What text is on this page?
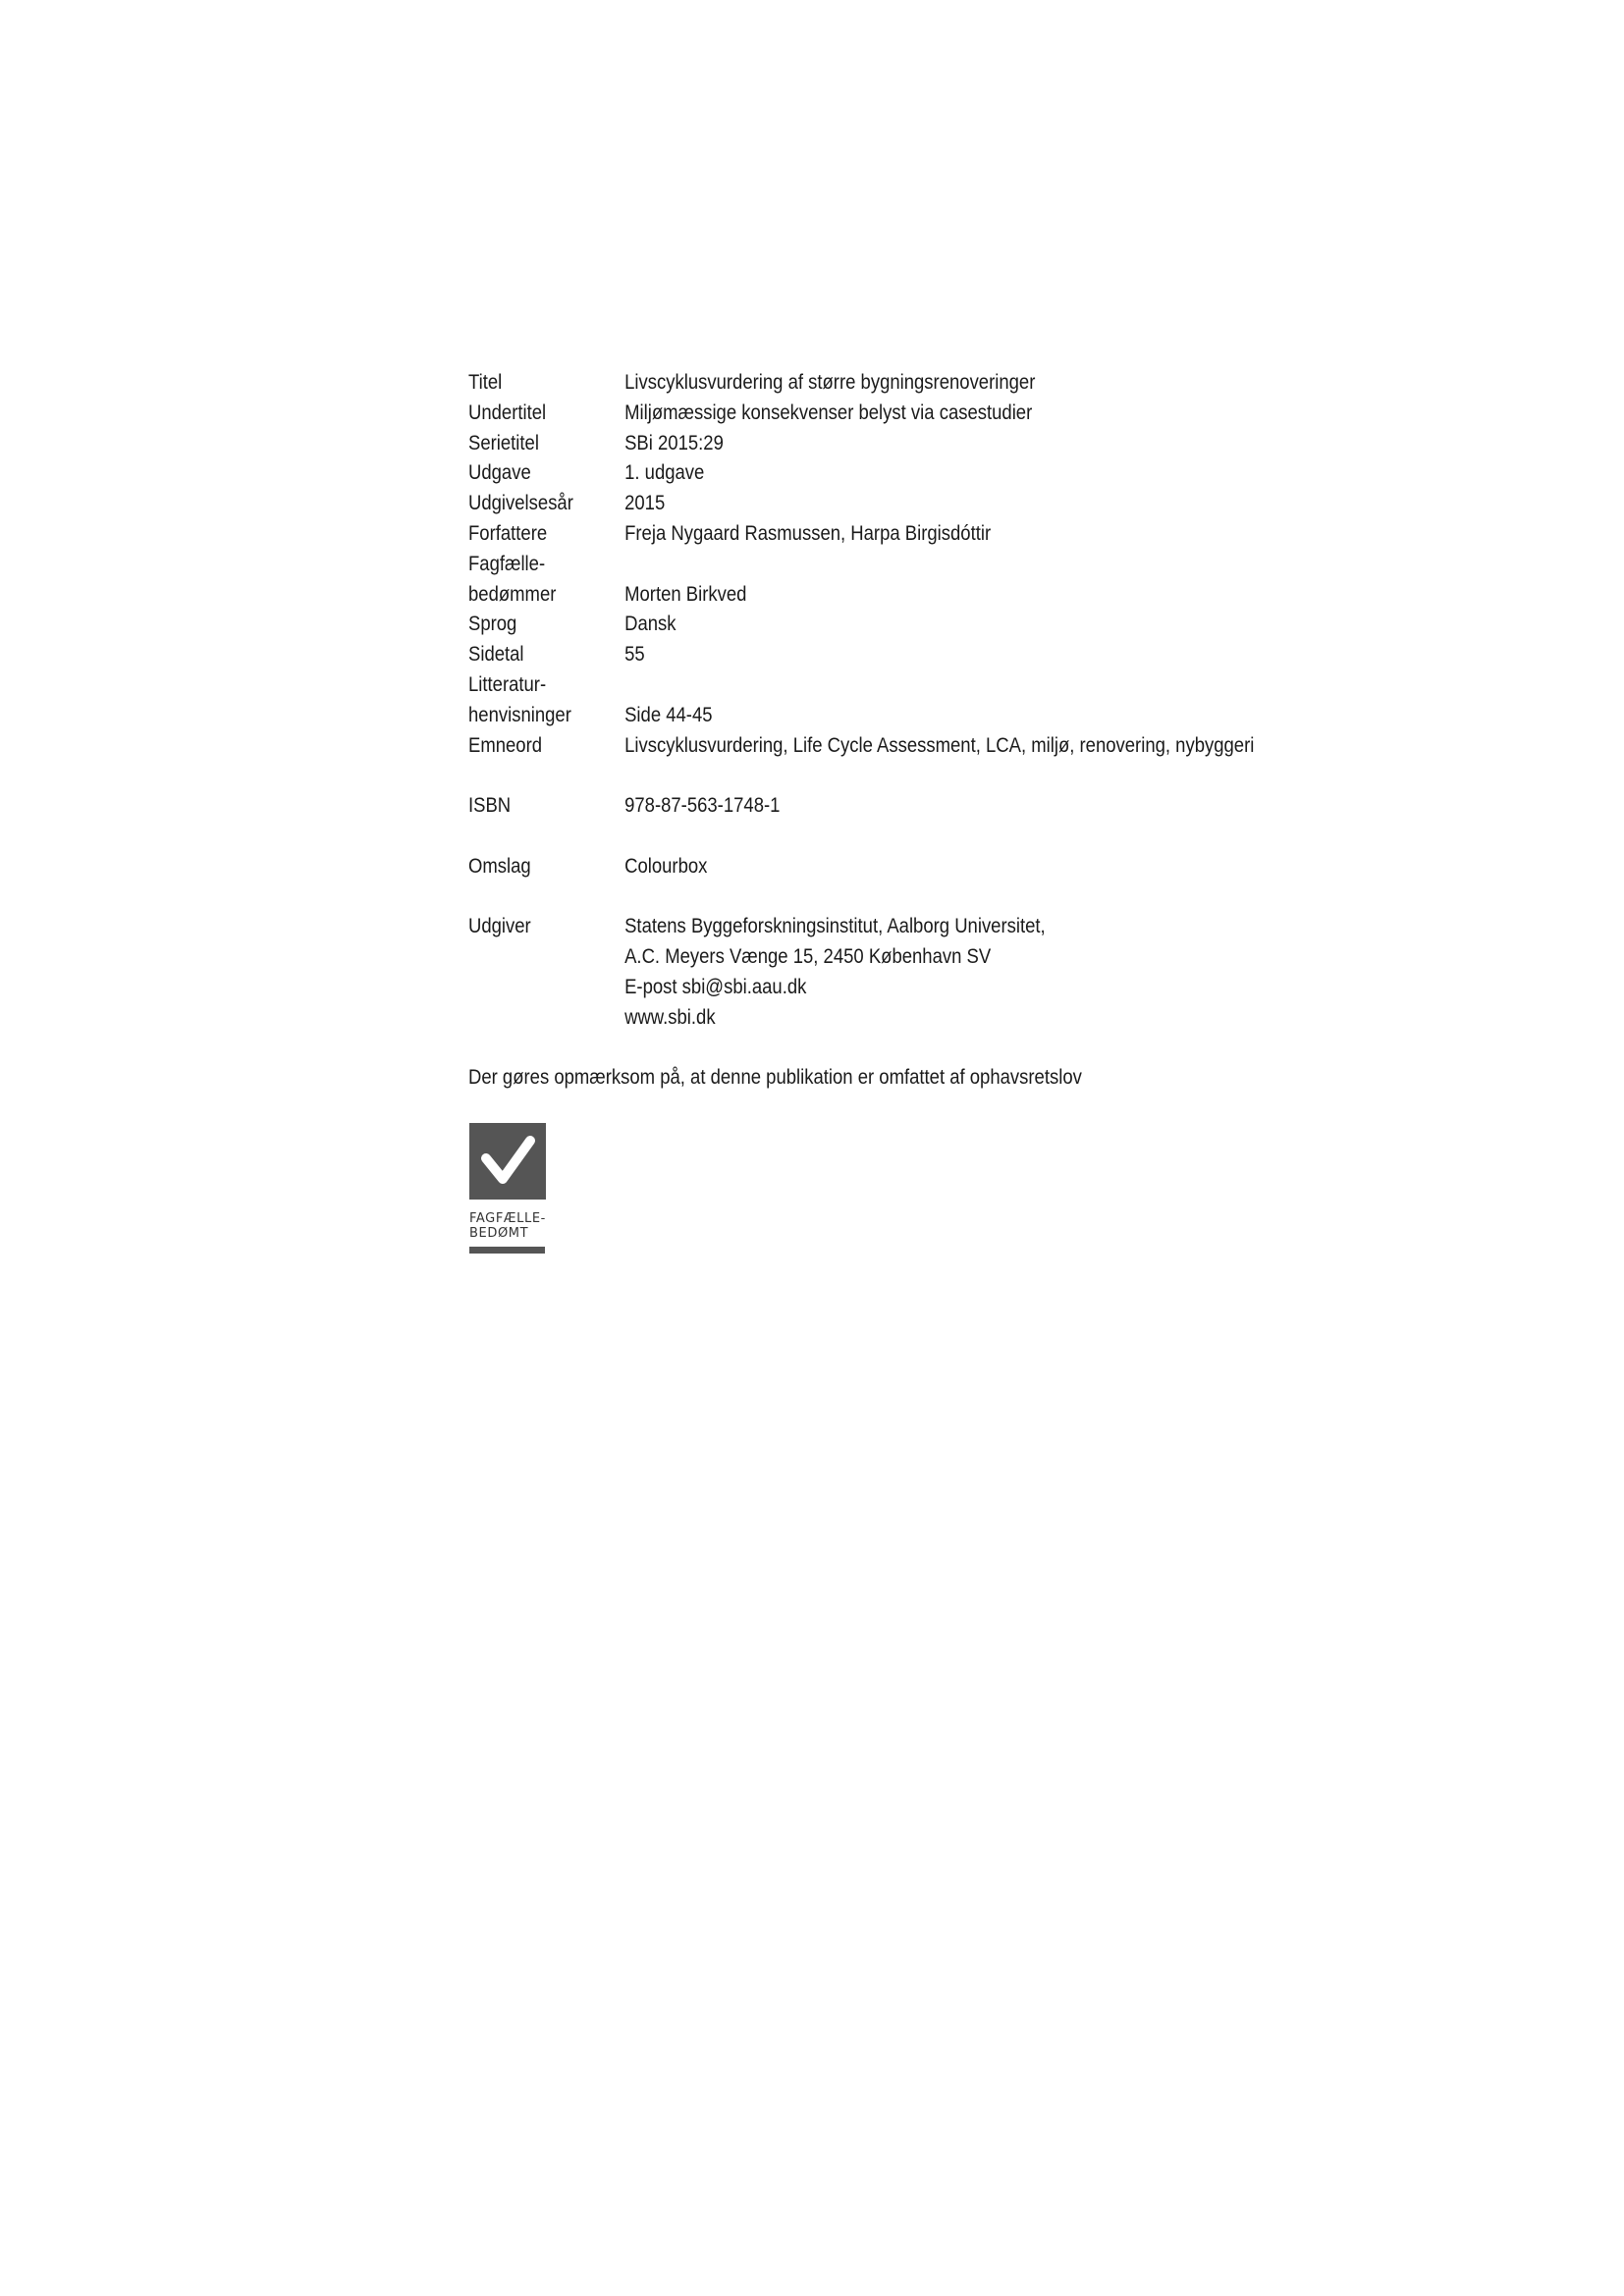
Titel	Livscyklusvurdering af større bygningsrenoveringer
Undertitel	Miljømæssige konsekvenser belyst via casestudier
Serietitel	SBi 2015:29
Udgave	1. udgave
Udgivelsesår	2015
Forfattere	Freja Nygaard Rasmussen, Harpa Birgisdóttir
Fagfælle-
bedømmer	Morten Birkved
Sprog	Dansk
Sidetal	55
Litteratur-
henvisninger	Side 44-45
Emneord	Livscyklusvurdering, Life Cycle Assessment, LCA, miljø, renovering, nybyggeri
ISBN	978-87-563-1748-1
Omslag	Colourbox
Udgiver	Statens Byggeforskningsinstitut, Aalborg Universitet,
A.C. Meyers Vænge 15, 2450 København SV
E-post sbi@sbi.aau.dk
www.sbi.dk
Der gøres opmærksom på, at denne publikation er omfattet af ophavsretslov
FAGFÆLLE-
BEDØMT
